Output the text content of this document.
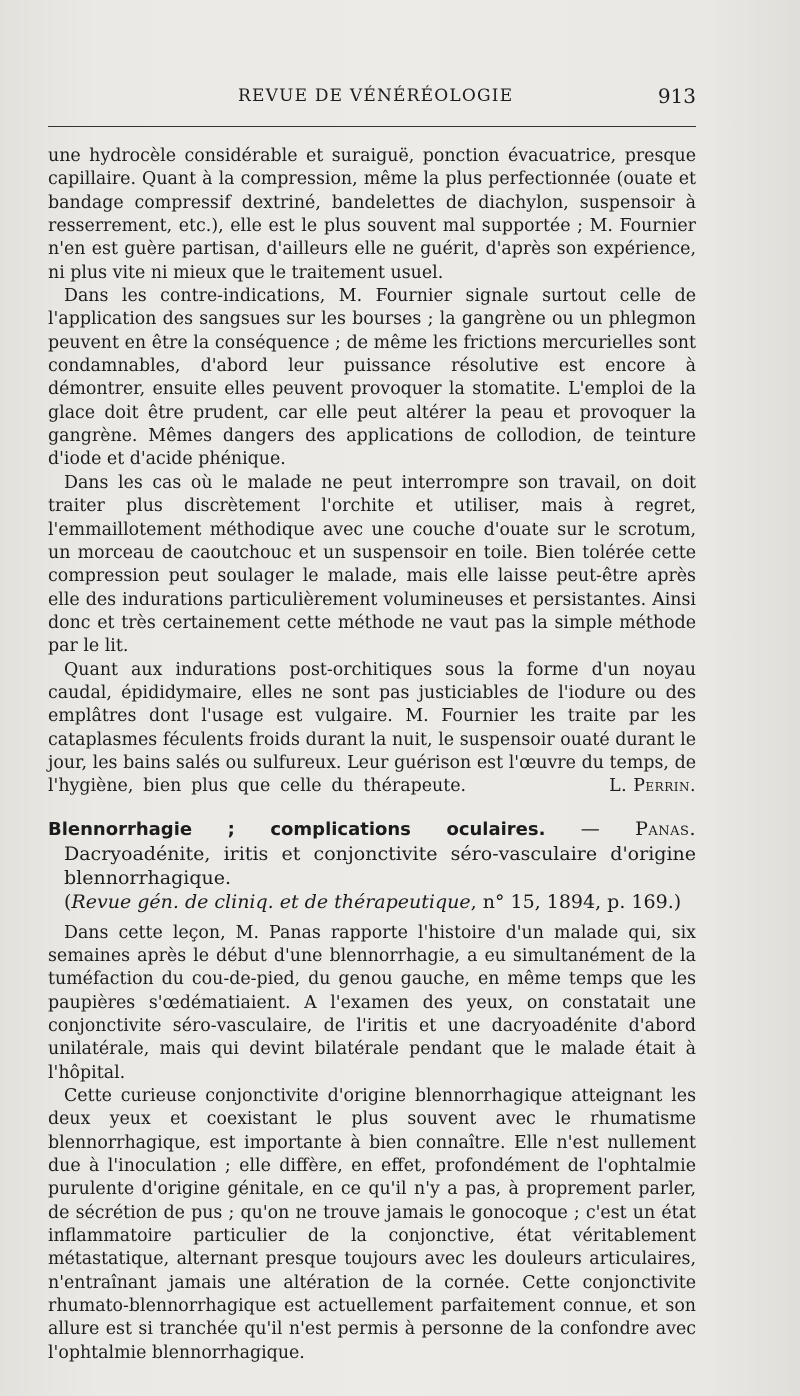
REVUE DE VÉNÉRÉOLOGIE	913

une hydrocèle considérable et suraiguë, ponction évacuatrice, presque capillaire. Quant à la compression, même la plus perfectionnée (ouate et bandage compressif dextriné, bandelettes de diachylon, suspensoir à resserrement, etc.), elle est le plus souvent mal supportée ; M. Fournier n'en est guère partisan, d'ailleurs elle ne guérit, d'après son expérience, ni plus vite ni mieux que le traitement usuel.

Dans les contre-indications, M. Fournier signale surtout celle de l'application des sangsues sur les bourses ; la gangrène ou un phlegmon peuvent en être la conséquence ; de même les frictions mercurielles sont condamnables, d'abord leur puissance résolutive est encore à démontrer, ensuite elles peuvent provoquer la stomatite. L'emploi de la glace doit être prudent, car elle peut altérer la peau et provoquer la gangrène. Mêmes dangers des applications de collodion, de teinture d'iode et d'acide phénique.

Dans les cas où le malade ne peut interrompre son travail, on doit traiter plus discrètement l'orchite et utiliser, mais à regret, l'emmaillotement méthodique avec une couche d'ouate sur le scrotum, un morceau de caoutchouc et un suspensoir en toile. Bien tolérée cette compression peut soulager le malade, mais elle laisse peut-être après elle des indurations particulièrement volumineuses et persistantes. Ainsi donc et très certainement cette méthode ne vaut pas la simple méthode par le lit.

Quant aux indurations post-orchitiques sous la forme d'un noyau caudal, épididymaire, elles ne sont pas justiciables de l'iodure ou des emplâtres dont l'usage est vulgaire. M. Fournier les traite par les cataplasmes féculents froids durant la nuit, le suspensoir ouaté durant le jour, les bains salés ou sulfureux. Leur guérison est l'œuvre du temps, de l'hygiène, bien plus que celle du thérapeute.	L. Perrin.

Blennorrhagie ; complications oculaires. — Panas. Dacryoadénite, iritis et conjonctivite séro-vasculaire d'origine blennorrhagique.
(Revue gén. de cliniq. et de thérapeutique, n° 15, 1894, p. 169.)

Dans cette leçon, M. Panas rapporte l'histoire d'un malade qui, six semaines après le début d'une blennorrhagie, a eu simultanément de la tuméfaction du cou-de-pied, du genou gauche, en même temps que les paupières s'œdématiaient. A l'examen des yeux, on constatait une conjonctivite séro-vasculaire, de l'iritis et une dacryoadénite d'abord unilatérale, mais qui devint bilatérale pendant que le malade était à l'hôpital.

Cette curieuse conjonctivite d'origine blennorrhagique atteignant les deux yeux et coexistant le plus souvent avec le rhumatisme blennorrhagique, est importante à bien connaître. Elle n'est nullement due à l'inoculation ; elle diffère, en effet, profondément de l'ophtalmie purulente d'origine génitale, en ce qu'il n'y a pas, à proprement parler, de sécrétion de pus ; qu'on ne trouve jamais le gonocoque ; c'est un état inflammatoire particulier de la conjonctive, état véritablement métastatique, alternant presque toujours avec les douleurs articulaires, n'entraînant jamais une altération de la cornée. Cette conjonctivite rhumato-blennorrhagique est actuellement parfaitement connue, et son allure est si tranchée qu'il n'est permis à personne de la confondre avec l'ophtalmie blennorrhagique.
